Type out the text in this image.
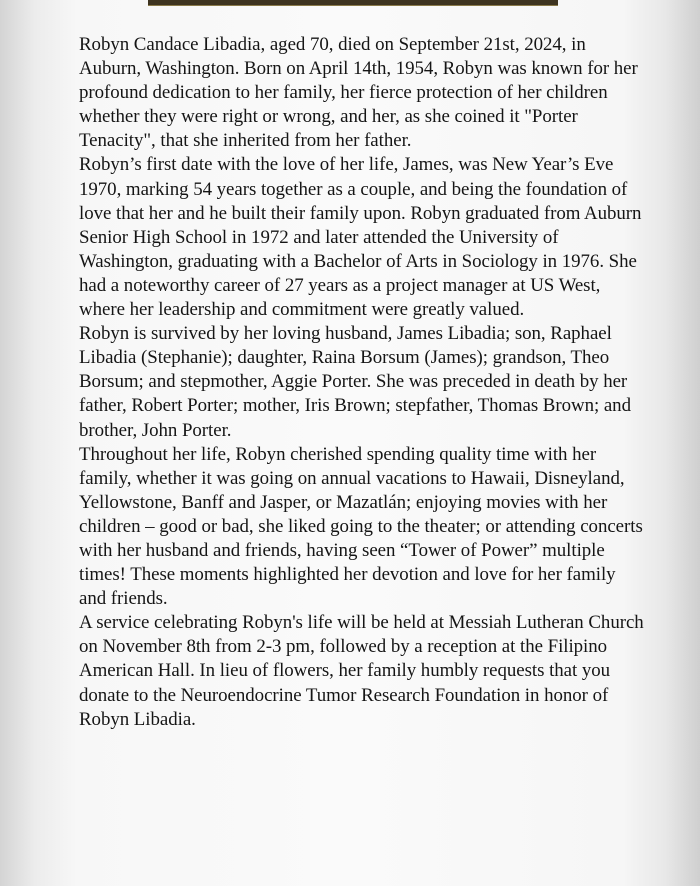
Robyn Candace Libadia, aged 70, died on September 21st, 2024, in Auburn, Washington. Born on April 14th, 1954, Robyn was known for her profound dedication to her family, her fierce protection of her children whether they were right or wrong, and her, as she coined it "Porter Tenacity", that she inherited from her father.

Robyn’s first date with the love of her life, James, was New Year’s Eve 1970, marking 54 years together as a couple, and being the foundation of love that her and he built their family upon. Robyn graduated from Auburn Senior High School in 1972 and later attended the University of Washington, graduating with a Bachelor of Arts in Sociology in 1976. She had a noteworthy career of 27 years as a project manager at US West, where her leadership and commitment were greatly valued.

Robyn is survived by her loving husband, James Libadia; son, Raphael Libadia (Stephanie); daughter, Raina Borsum (James); grandson, Theo Borsum; and stepmother, Aggie Porter. She was preceded in death by her father, Robert Porter; mother, Iris Brown; stepfather, Thomas Brown; and brother, John Porter.

Throughout her life, Robyn cherished spending quality time with her family, whether it was going on annual vacations to Hawaii, Disneyland, Yellowstone, Banff and Jasper, or Mazatlán; enjoying movies with her children – good or bad, she liked going to the theater; or attending concerts with her husband and friends, having seen “Tower of Power” multiple times! These moments highlighted her devotion and love for her family and friends.

A service celebrating Robyn's life will be held at Messiah Lutheran Church on November 8th from 2-3 pm, followed by a reception at the Filipino American Hall. In lieu of flowers, her family humbly requests that you donate to the Neuroendocrine Tumor Research Foundation in honor of Robyn Libadia.
